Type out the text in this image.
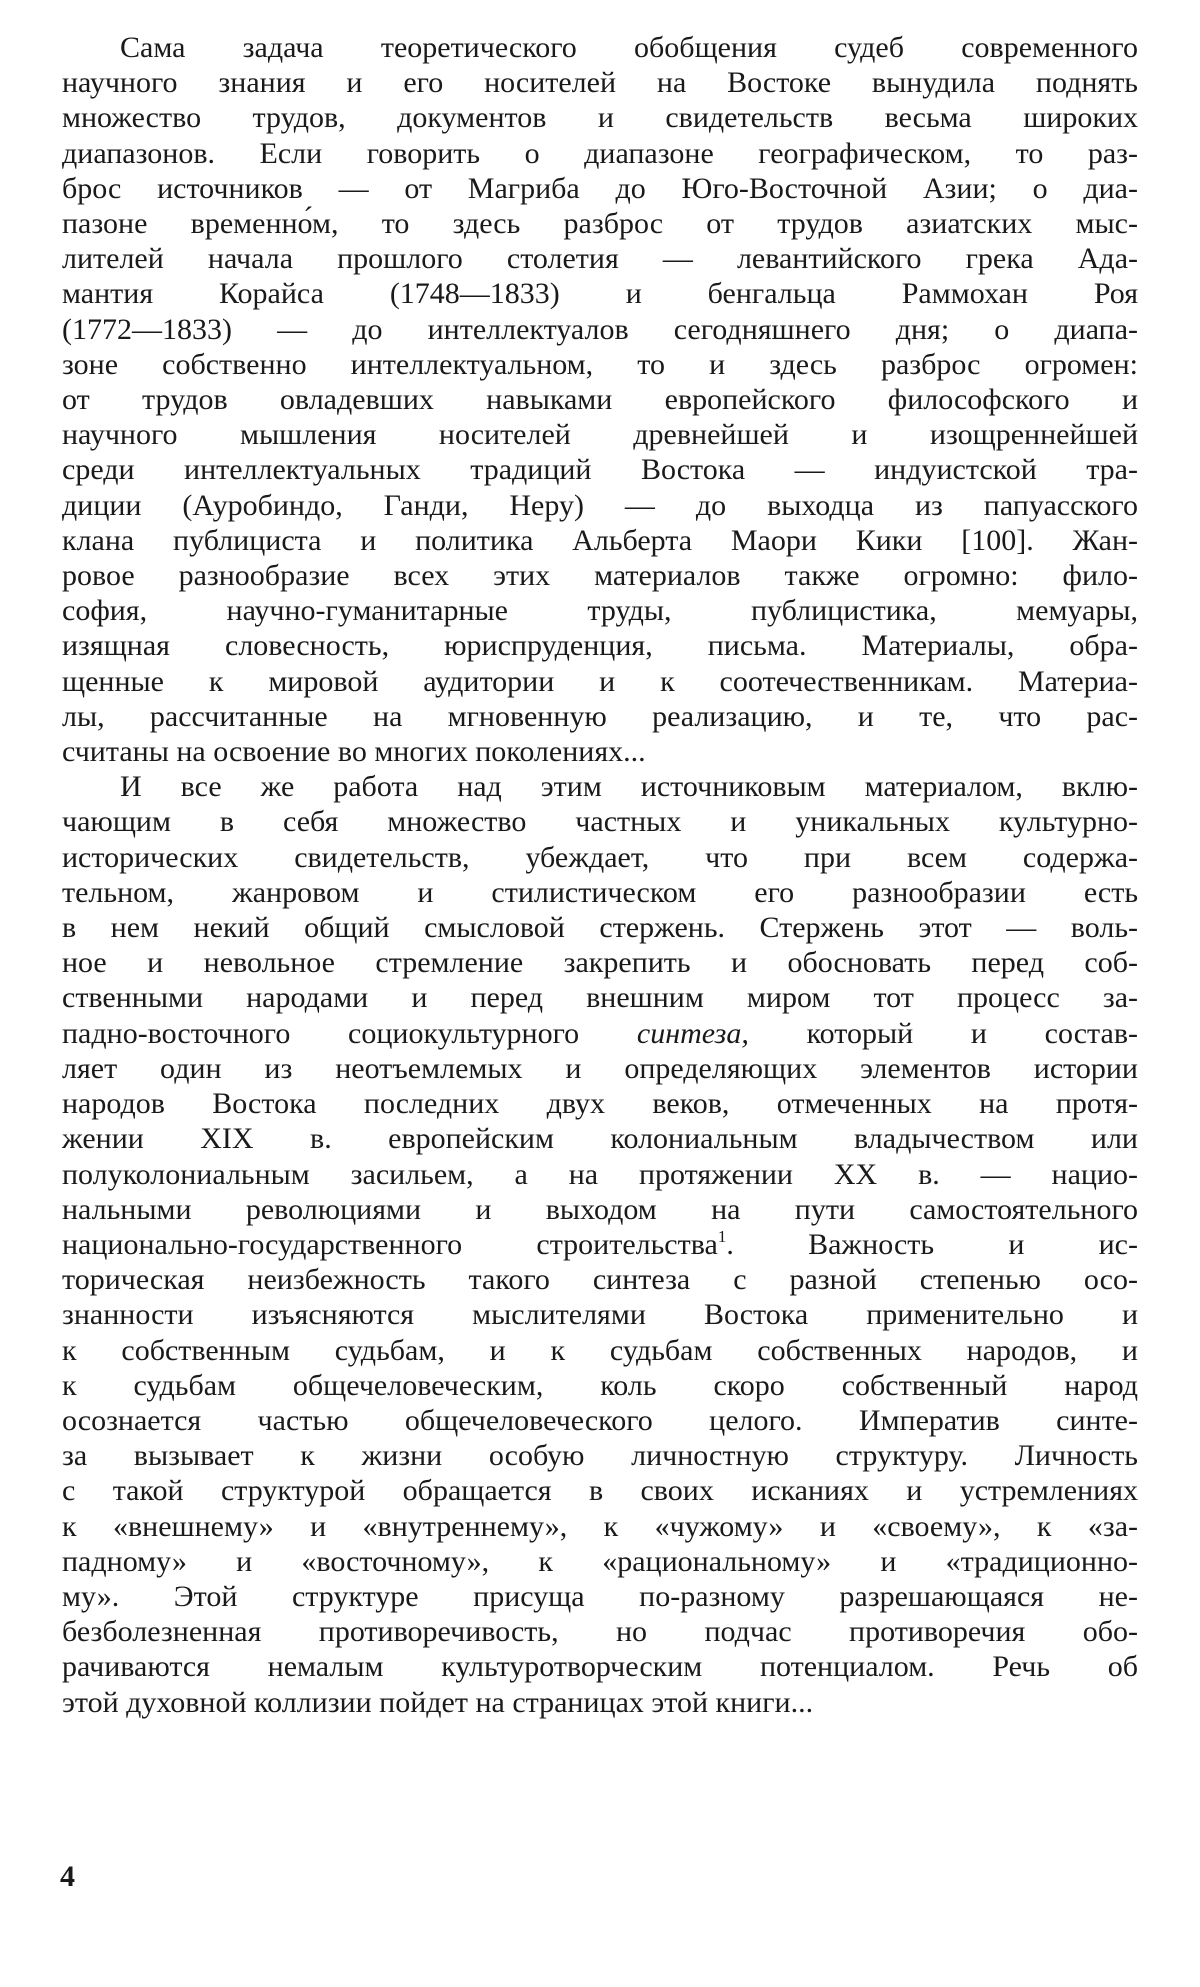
Сама задача теоретического обобщения судеб современного
научного знания и его носителей на Востоке вынудила поднять
множество трудов, документов и свидетельств весьма широких
диапазонов. Если говорить о диапазоне географическом, то раз-
брос источников — от Магриба до Юго-Восточной Азии; о диа-
пазоне временно́м, то здесь разброс от трудов азиатских мыс-
лителей начала прошлого столетия — левантийского грека Ада-
мантия Корайса (1748—1833) и бенгальца Раммохан Роя
(1772—1833) — до интеллектуалов сегодняшнего дня; о диапа-
зоне собственно интеллектуальном, то и здесь разброс огромен:
от трудов овладевших навыками европейского философского и
научного мышления носителей древнейшей и изощреннейшей
среди интеллектуальных традиций Востока — индуистской тра-
диции (Ауробиндо, Ганди, Неру) — до выходца из папуасского
клана публициста и политика Альберта Маори Кики [100]. Жан-
ровое разнообразие всех этих материалов также огромно: фило-
софия, научно-гуманитарные труды, публицистика, мемуары,
изящная словесность, юриспруденция, письма. Материалы, обра-
щенные к мировой аудитории и к соотечественникам. Материа-
лы, рассчитанные на мгновенную реализацию, и те, что рас-
считаны на освоение во многих поколениях...
И все же работа над этим источниковым материалом, вклю-
чающим в себя множество частных и уникальных культурно-
исторических свидетельств, убеждает, что при всем содержа-
тельном, жанровом и стилистическом его разнообразии есть
в нем некий общий смысловой стержень. Стержень этот — воль-
ное и невольное стремление закрепить и обосновать перед соб-
ственными народами и перед внешним миром тот процесс за-
падно-восточного социокультурного синтеза, который и состав-
ляет один из неотъемлемых и определяющих элементов истории
народов Востока последних двух веков, отмеченных на протя-
жении XIX в. европейским колониальным владычеством или
полуколониальным засильем, а на протяжении XX в. — нацио-
нальными революциями и выходом на пути самостоятельного
национально-государственного строительства$^1$. Важность и ис-
торическая неизбежность такого синтеза с разной степенью осо-
знанности изъясняются мыслителями Востока применительно и
к собственным судьбам, и к судьбам собственных народов, и
к судьбам общечеловеческим, коль скоро собственный народ
осознается частью общечеловеческого целого. Императив синте-
за вызывает к жизни особую личностную структуру. Личность
с такой структурой обращается в своих исканиях и устремлениях
к «внешнему» и «внутреннему», к «чужому» и «своему», к «за-
падному» и «восточному», к «рациональному» и «традиционно-
му». Этой структуре присуща по-разному разрешающаяся не-
безболезненная противоречивость, но подчас противоречия обо-
рачиваются немалым культуротворческим потенциалом. Речь об
этой духовной коллизии пойдет на страницах этой книги...
4
